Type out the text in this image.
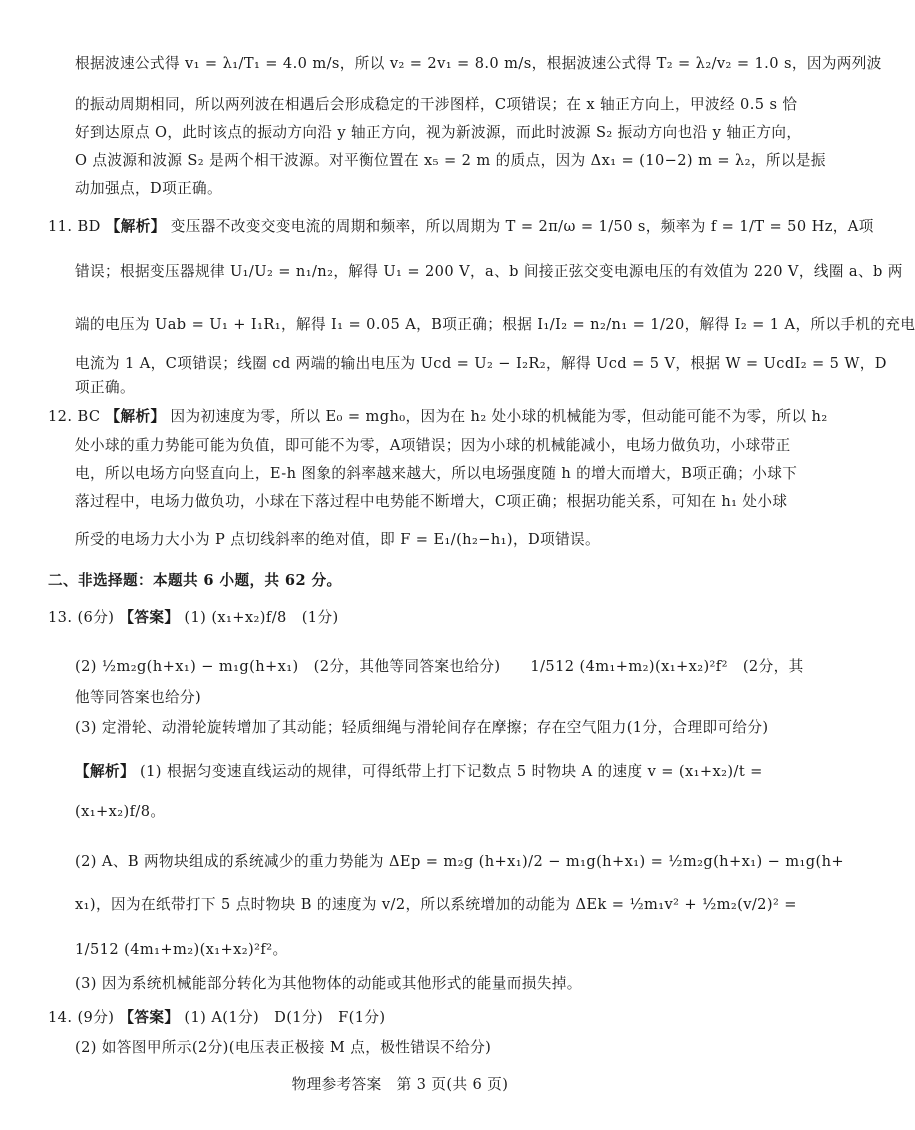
根据波速公式得 v₁ = λ₁/T₁ = 4.0 m/s，所以 v₂ = 2v₁ = 8.0 m/s，根据波速公式得 T₂ = λ₂/v₂ = 1.0 s，因为两列波
的振动周期相同，所以两列波在相遇后会形成稳定的干涉图样，C项错误；在 x 轴正方向上，甲波经 0.5 s 恰
好到达原点 O，此时该点的振动方向沿 y 轴正方向，视为新波源，而此时波源 S₂ 振动方向也沿 y 轴正方向，
O 点波源和波源 S₂ 是两个相干波源。对平衡位置在 x₅ = 2 m 的质点，因为 Δx₁ = (10−2) m = λ₂，所以是振
动加强点，D项正确。
11. BD 【解析】 变压器不改变交变电流的周期和频率，所以周期为 T = 2π/ω = 1/50 s，频率为 f = 1/T = 50 Hz，A项
错误；根据变压器规律 U₁/U₂ = n₁/n₂，解得 U₁ = 200 V，a、b 间接正弦交变电源电压的有效值为 220 V，线圈 a、b 两
端的电压为 Uab = U₁ + I₁R₁，解得 I₁ = 0.05 A，B项正确；根据 I₁/I₂ = n₂/n₁ = 1/20，解得 I₂ = 1 A，所以手机的充电
电流为 1 A，C项错误；线圈 cd 两端的输出电压为 Ucd = U₂ − I₂R₂，解得 Ucd = 5 V，根据 W = UcdI₂ = 5 W，D
项正确。
12. BC 【解析】 因为初速度为零，所以 E₀ = mgh₀，因为在 h₂ 处小球的机械能为零，但动能可能不为零，所以 h₂
处小球的重力势能可能为负值，即可能不为零，A项错误；因为小球的机械能减小，电场力做负功，小球带正
电，所以电场方向竖直向上，E-h 图象的斜率越来越大，所以电场强度随 h 的增大而增大，B项正确；小球下
落过程中，电场力做负功，小球在下落过程中电势能不断增大，C项正确；根据功能关系，可知在 h₁ 处小球
所受的电场力大小为 P 点切线斜率的绝对值，即 F = E₁/(h₂−h₁)，D项错误。
二、非选择题：本题共 6 小题，共 62 分。
13. (6分) 【答案】 (1) (x₁+x₂)f/8　(1分)
(2) ½m₂g(h+x₁) − m₁g(h+x₁)　(2分，其他等同答案也给分)　　1/512 (4m₁+m₂)(x₁+x₂)²f²　(2分，其
他等同答案也给分)
(3) 定滑轮、动滑轮旋转增加了其动能；轻质细绳与滑轮间存在摩擦；存在空气阻力(1分，合理即可给分)
【解析】 (1) 根据匀变速直线运动的规律，可得纸带上打下记数点 5 时物块 A 的速度 v = (x₁+x₂)/t =
(x₁+x₂)f/8。
(2) A、B 两物块组成的系统减少的重力势能为 ΔEp = m₂g (h+x₁)/2 − m₁g(h+x₁) = ½m₂g(h+x₁) − m₁g(h+
x₁)，因为在纸带打下 5 点时物块 B 的速度为 v/2，所以系统增加的动能为 ΔEk = ½m₁v² + ½m₂(v/2)² =
1/512 (4m₁+m₂)(x₁+x₂)²f²。
(3) 因为系统机械能部分转化为其他物体的动能或其他形式的能量而损失掉。
14. (9分) 【答案】 (1) A(1分)　D(1分)　F(1分)
(2) 如答图甲所示(2分)(电压表正极接 M 点，极性错误不给分)
物理参考答案　第 3 页(共 6 页)
